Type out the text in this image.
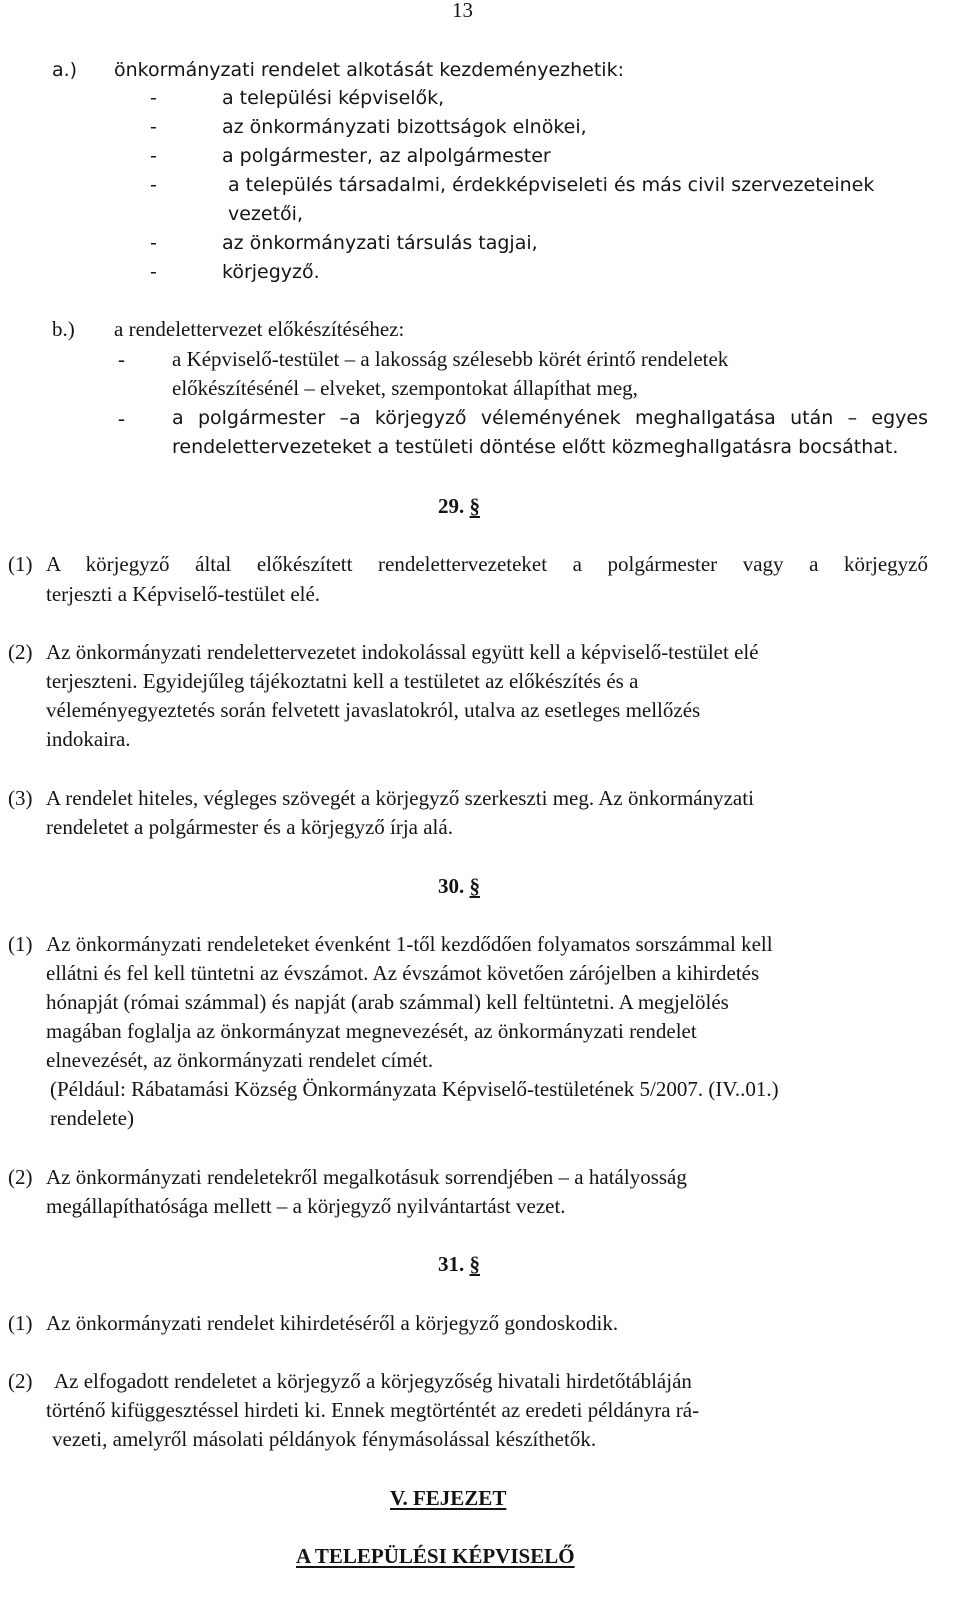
13
a.) önkormányzati rendelet alkotását kezdeményezhetik:
-	a települési képviselők,
-	az önkormányzati bizottságok elnökei,
-	a polgármester, az alpolgármester
-	a település társadalmi, érdekképviseleti és más civil szervezeteinek
vezetői,
-	az önkormányzati társulás tagjai,
-	körjegyző.
b.) a rendelettervezet előkészítéséhez:
- a Képviselő-testület – a lakosság szélesebb körét érintő rendeletek
előkészítésénél – elveket, szempontokat állapíthat meg,
- a polgármester –a körjegyző véleményének meghallgatása után – egyes
rendelettervezeteket a testületi döntése előtt közmeghallgatásra bocsáthat.
29. §
(1) A körjegyző által előkészített rendelettervezeteket a polgármester vagy a körjegyző
terjeszti a Képviselő-testület elé.
(2) Az önkormányzati rendelettervezetet indokolással együtt kell a képviselő-testület elé
terjeszteni. Egyidejűleg tájékoztatni kell a testületet az előkészítés és a
véleményegyeztetés során felvetett javaslatokról, utalva az esetleges mellőzés
indokaira.
(3) A rendelet hiteles, végleges szövegét a körjegyző szerkeszti meg. Az önkormányzati
rendeletet a polgármester és a körjegyző írja alá.
30. §
(1) Az önkormányzati rendeleteket évenként 1-től kezdődően folyamatos sorszámmal kell
ellátni és fel kell tüntetni az évszámot. Az évszámot követően zárójelben a kihirdetés
hónapját (római számmal) és napját (arab számmal) kell feltüntetni. A megjelölés
magában foglalja az önkormányzat megnevezését, az önkormányzati rendelet
elnevezését, az önkormányzati rendelet címét.
(Például: Rábatamási Község Önkormányzata Képviselő-testületének 5/2007. (IV..01.)
rendelete)
(2) Az önkormányzati rendeletekről megalkotásuk sorrendjében – a hatályosság
megállapíthatósága mellett – a körjegyző nyilvántartást vezet.
31. §
(1) Az önkormányzati rendelet kihirdetéséről a körjegyző gondoskodik.
(2) Az elfogadott rendeletet a körjegyző a körjegyzőség hivatali hirdetőtábláján
történő kifüggesztéssel hirdeti ki. Ennek megtörténtét az eredeti példányra rá-
vezeti, amelyről másolati példányok fénymásolással készíthetők.
V. FEJEZET
A TELEPÜLÉSI KÉPVISELŐ
